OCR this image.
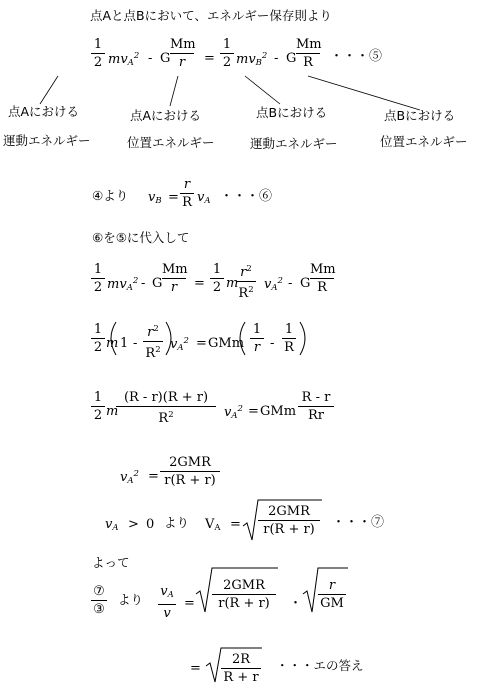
点Aと点Bにおいて、エネルギー保存則より
1
2 $mv_A^2$ - G
Mm
r	=
1
2 $mv_B^2$ - G
Mm
R	・・・⑤
点Aにおける
運動エネルギー
点Aにおける
位置エネルギー
点Bにおける
運動エネルギー
点Bにおける
位置エネルギー
④より $v_B$ =
r
R $v_A$ ・・・⑥
⑥を⑤に代入して
1
2 $mv_A^2$ - G
Mm
r	=
1
2 m
$r^2$
$R^2$ $v_A^2$ - G
Mm
R
1
2 m 1 -
$r^2$
$R^2$ $v_A^2$ = GMm
1
r -
1
R
1
2 m
(R - r)(R + r)
$R^2$	$v_A^2$ = GMm
R - r
Rr
$v_A^2$ =
2GMR
r(R + r)
$v_A > 0$ より $V_A$ =
2GMR
r(R + r)	・・・⑦
よって
⑦
③
より
$v_A$
v
=
2GMR
r(R + r)	・
r
GM
=
2R
R + r
・・・エの答え
